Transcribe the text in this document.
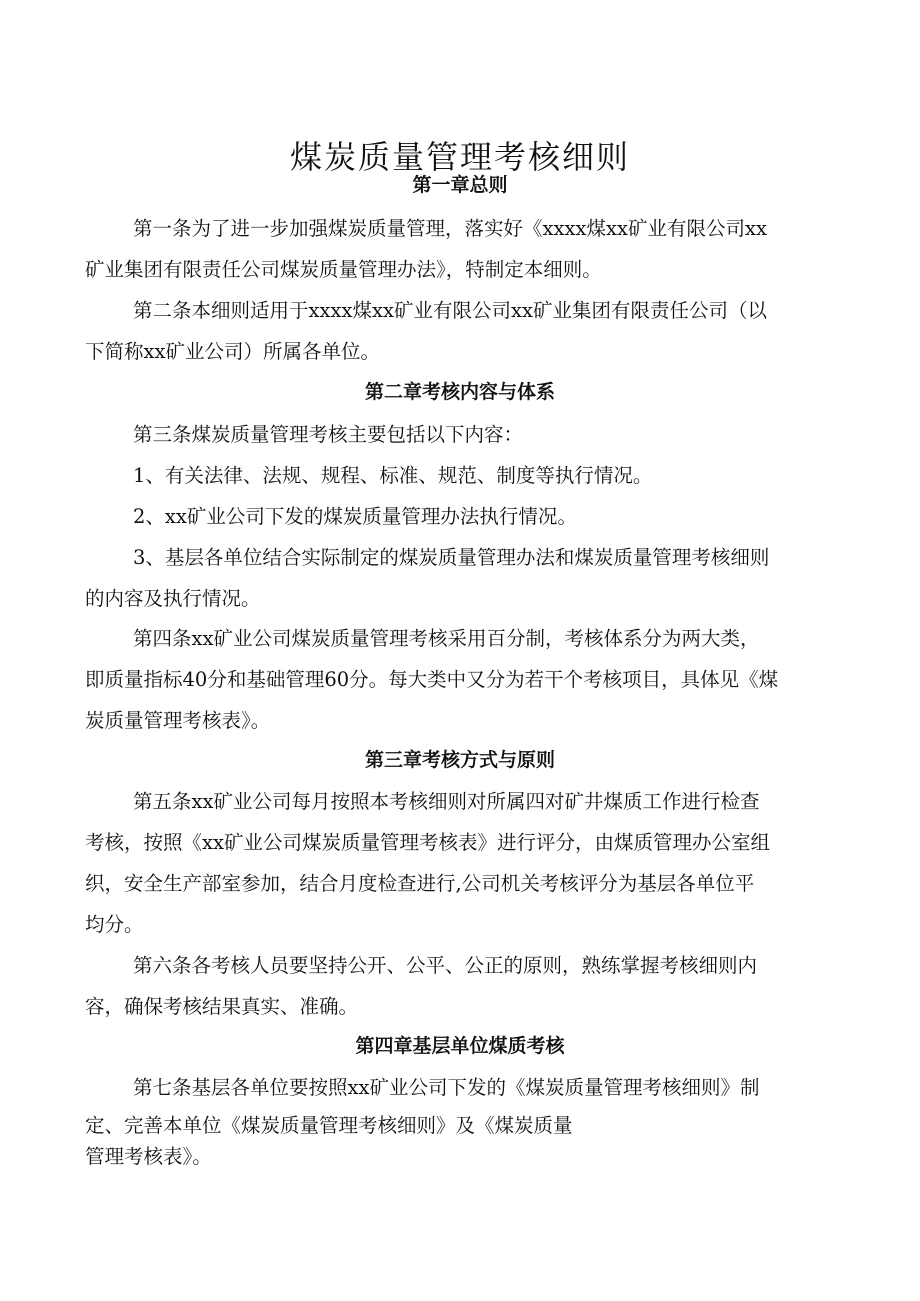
煤炭质量管理考核细则
第一章总则
第一条为了进一步加强煤炭质量管理，落实好《xxxx煤xx矿业有限公司xx
矿业集团有限责任公司煤炭质量管理办法》，特制定本细则。
第二条本细则适用于xxxx煤xx矿业有限公司xx矿业集团有限责任公司（以
下简称xx矿业公司）所属各单位。
第二章考核内容与体系
第三条煤炭质量管理考核主要包括以下内容：
1、有关法律、法规、规程、标准、规范、制度等执行情况。
2、xx矿业公司下发的煤炭质量管理办法执行情况。
3、基层各单位结合实际制定的煤炭质量管理办法和煤炭质量管理考核细则
的内容及执行情况。
第四条xx矿业公司煤炭质量管理考核采用百分制，考核体系分为两大类，
即质量指标40分和基础管理60分。每大类中又分为若干个考核项目，具体见《煤
炭质量管理考核表》。
第三章考核方式与原则
第五条xx矿业公司每月按照本考核细则对所属四对矿井煤质工作进行检查
考核，按照《xx矿业公司煤炭质量管理考核表》进行评分，由煤质管理办公室组
织，安全生产部室参加，结合月度检查进行,公司机关考核评分为基层各单位平
均分。
第六条各考核人员要坚持公开、公平、公正的原则，熟练掌握考核细则内
容，确保考核结果真实、准确。
第四章基层单位煤质考核
第七条基层各单位要按照xx矿业公司下发的《煤炭质量管理考核细则》制
定、完善本单位《煤炭质量管理考核细则》及《煤炭质量
管理考核表》。
